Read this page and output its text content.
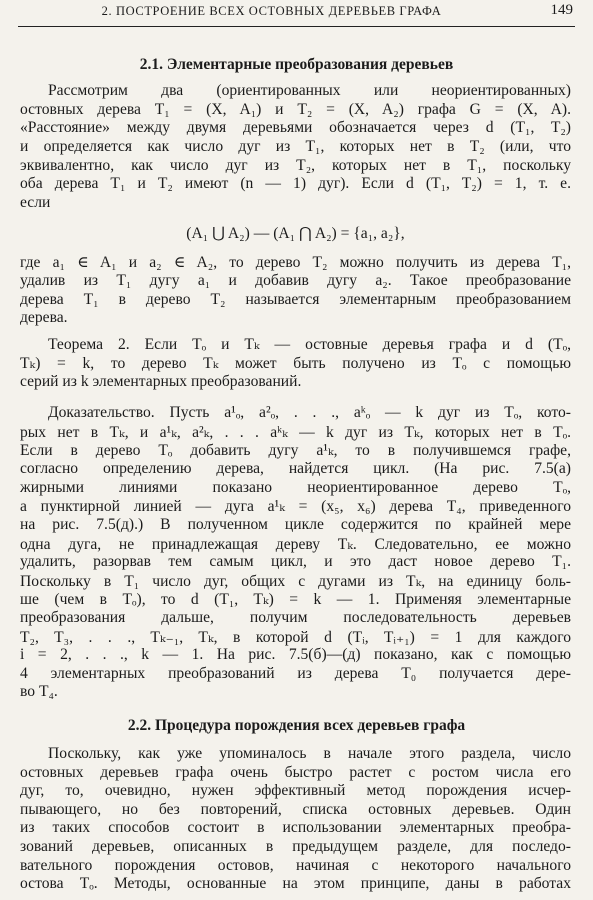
2. ПОСТРОЕНИЕ ВСЕХ ОСТОВНЫХ ДЕРЕВЬЕВ ГРАФА	149
2.1. Элементарные преобразования деревьев
Рассмотрим два (ориентированных или неориентированных)
остовных дерева T₁ = (X, A₁) и T₂ = (X, A₂) графа G = (X, A).
«Расстояние» между двумя деревьями обозначается через d (T₁, T₂)
и определяется как число дуг из T₁, которых нет в T₂ (или, что
эквивалентно, как число дуг из T₂, которых нет в T₁, поскольку
оба дерева T₁ и T₂ имеют (n — 1) дуг). Если d (T₁, T₂) = 1, т. е.
если
(A₁ ⋃ A₂) — (A₁ ⋂ A₂) = {a₁, a₂},
где a₁ ∈ A₁ и a₂ ∈ A₂, то дерево T₂ можно получить из дерева T₁,
удалив из T₁ дугу a₁ и добавив дугу a₂. Такое преобразование
дерева T₁ в дерево T₂ называется элементарным преобразованием
дерева.
Теорема 2. Если Tₒ и Tₖ — остовные деревья графа и d (Tₒ,
Tₖ) = k, то дерево Tₖ может быть получено из Tₒ с помощью
серий из k элементарных преобразований.
Доказательство. Пусть a¹ₒ, a²ₒ, . . ., aᵏₒ — k дуг из Tₒ, кото-
рых нет в Tₖ, и a¹ₖ, a²ₖ, . . . aᵏₖ — k дуг из Tₖ, которых нет в Tₒ.
Если в дерево Tₒ добавить дугу a¹ₖ, то в получившемся графе,
согласно определению дерева, найдется цикл. (На рис. 7.5(а)
жирными линиями показано неориентированное дерево Tₒ,
а пунктирной линией — дуга a¹ₖ = (x₅, x₆) дерева T₄, приведенного
на рис. 7.5(д).) В полученном цикле содержится по крайней мере
одна дуга, не принадлежащая дереву Tₖ. Следовательно, ее можно
удалить, разорвав тем самым цикл, и это даст новое дерево T₁.
Поскольку в T₁ число дуг, общих с дугами из Tₖ, на единицу боль-
ше (чем в Tₒ), то d (T₁, Tₖ) = k — 1. Применяя элементарные
преобразования дальше, получим последовательность деревьев
T₂, T₃, . . ., Tₖ₋₁, Tₖ, в которой d (Tᵢ, Tᵢ₊₁) = 1 для каждого
i = 2, . . ., k — 1. На рис. 7.5(б)—(д) показано, как с помощью
4 элементарных преобразований из дерева T₀ получается дере-
во T₄.
2.2. Процедура порождения всех деревьев графа
Поскольку, как уже упоминалось в начале этого раздела, число
остовных деревьев графа очень быстро растет с ростом числа его
дуг, то, очевидно, нужен эффективный метод порождения исчер-
пывающего, но без повторений, списка остовных деревьев. Один
из таких способов состоит в использовании элементарных преобра-
зований деревьев, описанных в предыдущем разделе, для последо-
вательного порождения остовов, начиная с некоторого начального
остова Tₒ. Методы, основанные на этом принципе, даны в работах
